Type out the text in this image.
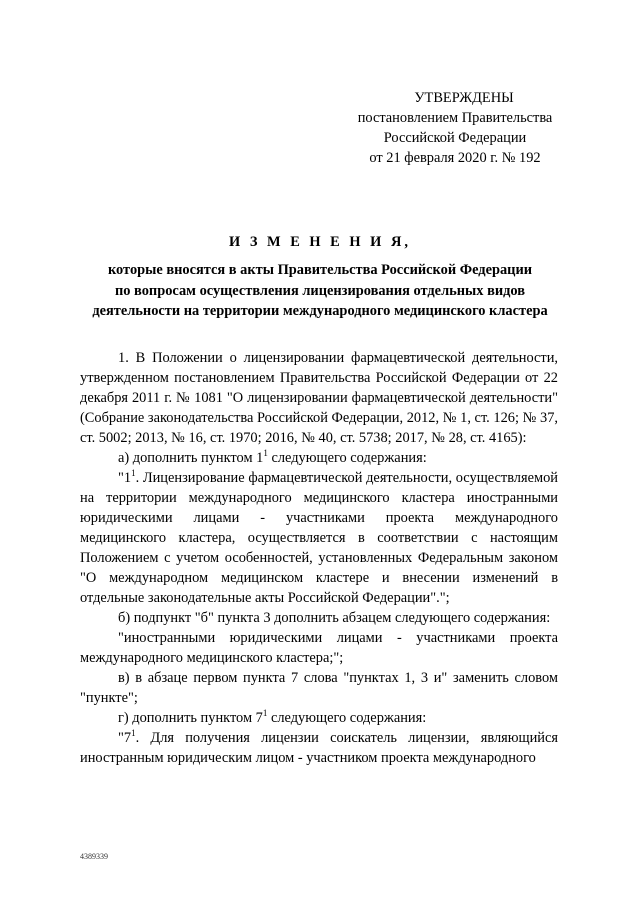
УТВЕРЖДЕНЫ
постановлением Правительства
Российской Федерации
от 21 февраля 2020 г. № 192
И З М Е Н Е Н И Я,
которые вносятся в акты Правительства Российской Федерации
по вопросам осуществления лицензирования отдельных видов
деятельности на территории международного медицинского кластера

1. В Положении о лицензировании фармацевтической деятельности, утвержденном постановлением Правительства Российской Федерации от 22 декабря 2011 г. № 1081 "О лицензировании фармацевтической деятельности" (Собрание законодательства Российской Федерации, 2012, № 1, ст. 126; № 37, ст. 5002; 2013, № 16, ст. 1970; 2016, № 40, ст. 5738; 2017, № 28, ст. 4165):

а) дополнить пунктом $1^1$ следующего содержания:

"$1^1$. Лицензирование фармацевтической деятельности, осуществляемой на территории международного медицинского кластера иностранными юридическими лицами - участниками проекта международного медицинского кластера, осуществляется в соответствии с настоящим Положением с учетом особенностей, установленных Федеральным законом "О международном медицинском кластере и внесении изменений в отдельные законодательные акты Российской Федерации".";

б) подпункт "б" пункта 3 дополнить абзацем следующего содержания:

"иностранными юридическими лицами - участниками проекта международного медицинского кластера;";

в) в абзаце первом пункта 7 слова "пунктах 1, 3 и" заменить словом "пункте";

г) дополнить пунктом $7^1$ следующего содержания:

"$7^1$. Для получения лицензии соискатель лицензии, являющийся иностранным юридическим лицом - участником проекта международного

4389339
